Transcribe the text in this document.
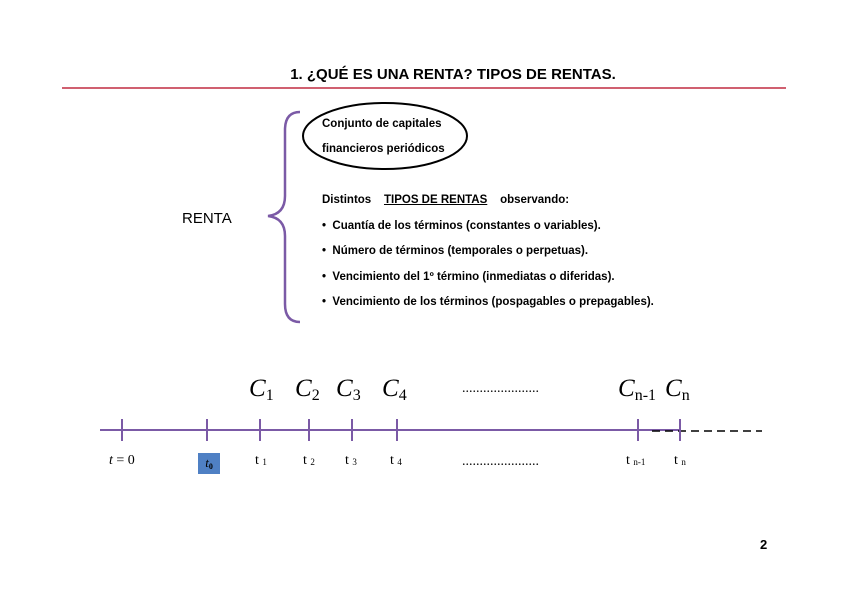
1. ¿QUÉ ES UNA RENTA? TIPOS DE RENTAS.
RENTA
Conjunto de capitales
financieros periódicos
Distintos TIPOS DE RENTAS observando:
• Cuantía de los términos (constantes o variables).
• Número de términos (temporales o perpetuas).
• Vencimiento del 1º término (inmediatas o diferidas).
• Vencimiento de los términos (pospagables o prepagables).
$C_1$ $C_2$ $C_3$ $C_4$	......................	$C_{n-1}$ $C_n$
t = 0	$t_0$	t $_1$	t $_2$ t $_3$ t $_4$	......................	t $_{n-1}$ t $_n$
2
